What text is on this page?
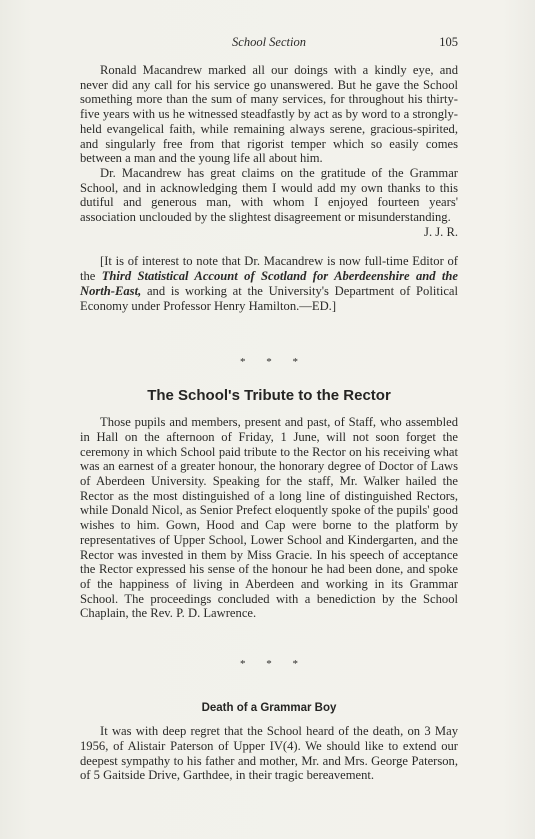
School Section	105

Ronald Macandrew marked all our doings with a kindly eye, and never did any call for his service go unanswered. But he gave the School something more than the sum of many services, for throughout his thirty-five years with us he witnessed steadfastly by act as by word to a strongly-held evangelical faith, while remaining always serene, gracious-spirited, and singularly free from that rigorist temper which so easily comes between a man and the young life all about him.

Dr. Macandrew has great claims on the gratitude of the Grammar School, and in acknowledging them I would add my own thanks to this dutiful and generous man, with whom I enjoyed fourteen years' association unclouded by the slightest disagreement or misunderstanding.
J. J. R.

[It is of interest to note that Dr. Macandrew is now full-time Editor of the Third Statistical Account of Scotland for Aberdeenshire and the North-East, and is working at the University's Department of Political Economy under Professor Henry Hamilton.—ED.]

* * *
The School's Tribute to the Rector

Those pupils and members, present and past, of Staff, who assembled in Hall on the afternoon of Friday, 1 June, will not soon forget the ceremony in which School paid tribute to the Rector on his receiving what was an earnest of a greater honour, the honorary degree of Doctor of Laws of Aberdeen University. Speaking for the staff, Mr. Walker hailed the Rector as the most distinguished of a long line of distinguished Rectors, while Donald Nicol, as Senior Prefect eloquently spoke of the pupils' good wishes to him. Gown, Hood and Cap were borne to the platform by representatives of Upper School, Lower School and Kindergarten, and the Rector was invested in them by Miss Gracie. In his speech of acceptance the Rector expressed his sense of the honour he had been done, and spoke of the happiness of living in Aberdeen and working in its Grammar School. The proceedings concluded with a benediction by the School Chaplain, the Rev. P. D. Lawrence.

* * *
Death of a Grammar Boy

It was with deep regret that the School heard of the death, on 3 May 1956, of Alistair Paterson of Upper IV(4). We should like to extend our deepest sympathy to his father and mother, Mr. and Mrs. George Paterson, of 5 Gaitside Drive, Garthdee, in their tragic bereavement.
